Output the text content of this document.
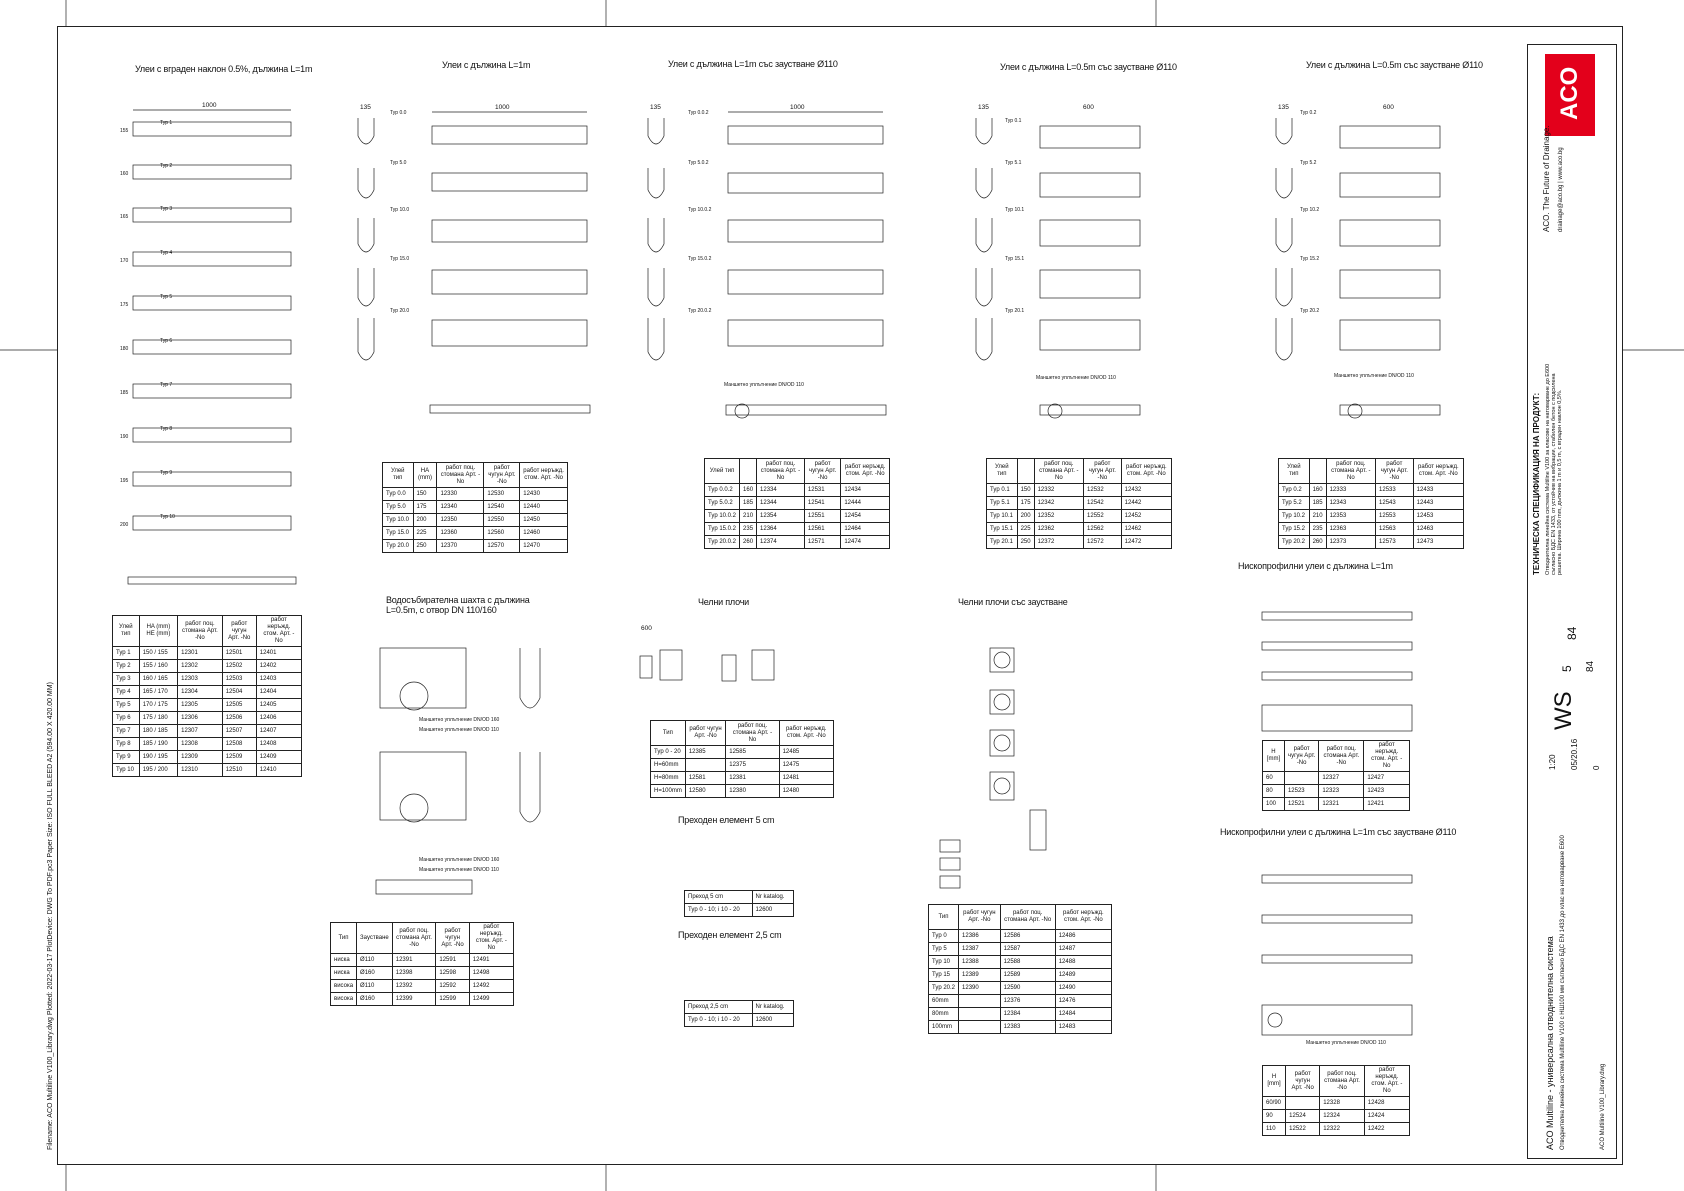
Filename: ACO Multiline V100_Library.dwg Plotted: 2022-03-17 PlotDevice: DWG To PDF.pc3 Paper Size: ISO FULL BLEED A2 (594.00 X 420.00 MM)
Улеи с вграден наклон 0.5%, дължина L=1m	Улеи с дължина L=1m	Улеи с дължина L=1m със заустване Ø110	Улеи с дължина L=0.5m със заустване Ø110	Улеи с дължина L=0.5m със заустване Ø110
Водосъбирателна шахта с дължина L=0.5m, с отвор DN 110/160
Челни плочи	Челни плочи със заустване
Нископрофилни улеи с дължина L=1m
Нископрофилни улеи с дължина L=1m със заустване Ø110
Преходен елемент 5 cm
Преходен елемент 2,5 cm
1000	1000	1000	600	600
135	135	135	135
600
Тур 1
Тур 2
Тур 3
Тур 4
Тур 5
Тур 6
Тур 7
Тур 8
Тур 9
Тур 10
155
160
165
170
175
180
185
190
195
200
Typ 0.0
Typ 5.0
Typ 10.0
Typ 15.0
Typ 20.0
Typ 0.0.2
Typ 5.0.2
Typ 10.0.2
Typ 15.0.2
Typ 20.0.2
Typ 0.1
Typ 5.1
Typ 10.1
Typ 15.1
Typ 20.1
Typ 0.2
Typ 5.2
Typ 10.2
Typ 15.2
Typ 20.2
Маншетно уплътнение DN/OD 110
Маншетно уплътнение DN/OD 110	Маншетно уплътнение DN/OD 110
Маншетно уплътнение DN/OD 160
Маншетно уплътнение DN/OD 110
Маншетно уплътнение DN/OD 160
Маншетно уплътнение DN/OD 110
Маншетно уплътнение DN/OD 110
Улей тип	HA (mm) HE (mm)	работ поц. стомана Арт. -No	работ чугун Арт. -No	работ неръжд. стом. Арт. -No
Тур 1	150 / 155	12301	12501	12401
Тур 2	155 / 160	12302	12502	12402
Тур 3	160 / 165	12303	12503	12403
Тур 4	165 / 170	12304	12504	12404
Тур 5	170 / 175	12305	12505	12405
Тур 6	175 / 180	12306	12506	12406
Тур 7	180 / 185	12307	12507	12407
Тур 8	185 / 190	12308	12508	12408
Тур 9	190 / 195	12309	12509	12409
Тур 10	195 / 200	12310	12510	12410
Улей тип	HA (mm)	работ поц. стомана Арт. -No	работ чугун Арт. -No	работ неръжд. стом. Арт. -No
Typ 0.0	150	12330	12530	12430
Typ 5.0	175	12340	12540	12440
Typ 10.0	200	12350	12550	12450
Typ 15.0	225	12360	12560	12460
Typ 20.0	250	12370	12570	12470
Улей тип		работ поц. стомана Арт. -No	работ чугун Арт. -No	работ неръжд. стом. Арт. -No
Typ 0.0.2	160	12334	12531	12434
Typ 5.0.2	185	12344	12541	12444
Typ 10.0.2	210	12354	12551	12454
Typ 15.0.2	235	12364	12561	12464
Typ 20.0.2	260	12374	12571	12474
Улей тип		работ поц. стомана Арт. -No	работ чугун Арт. -No	работ неръжд. стом. Арт. -No
Typ 0.1	150	12332	12532	12432
Typ 5.1	175	12342	12542	12442
Typ 10.1	200	12352	12552	12452
Typ 15.1	225	12362	12562	12462
Typ 20.1	250	12372	12572	12472
Улей тип		работ поц. стомана Арт. -No	работ чугун Арт. -No	работ неръжд. стом. Арт. -No
Typ 0.2	160	12333	12533	12433
Typ 5.2	185	12343	12543	12443
Typ 10.2	210	12353	12553	12453
Typ 15.2	235	12363	12563	12463
Typ 20.2	260	12373	12573	12473
Тип	Заустване	работ поц. стомана Арт. -No	работ чугун Арт. -No	работ неръжд. стом. Арт. -No
ниска	Ø110	12391	12591	12491
ниска	Ø160	12398	12598	12498
висока	Ø110	12392	12592	12492
висока	Ø160	12399	12599	12499
Тип	работ чугун Арт. -No	работ поц. стомана Арт. -No	работ неръжд. стом. Арт. -No
Typ 0 - 20	12385	12585	12485
H=60mm		12375	12475
H=80mm	12581	12381	12481
H=100mm	12580	12380	12480
Преход 5 cm	Nr katalog.
Typ 0 - 10; i 10 - 20	12600
Преход 2,5 cm	Nr katalog.
Typ 0 - 10; i 10 - 20	12600
Тип	работ чугун Арт. -No	работ поц. стомана Арт. -No	работ неръжд. стом. Арт. -No
Typ 0	12386	12586	12486
Typ 5	12387	12587	12487
Typ 10	12388	12588	12488
Typ 15	12389	12589	12489
Typ 20.2	12390	12590	12490
60mm		12376	12476
80mm		12384	12484
100mm		12383	12483
H [mm]	работ чугун Арт. -No	работ поц. стомана Арт. -No	работ неръжд. стом. Арт. -No
60		12327	12427
80	12523	12323	12423
100	12521	12321	12421
H [mm]	работ чугун Арт. -No	работ поц. стомана Арт. -No	работ неръжд. стом. Арт. -No
60/90		12328	12428
90	12524	12324	12424
110	12522	12322	12422
ACO
ACO. The Future of Drainage. drainage@aco.bg | www.aco.bg
ТЕХНИЧЕСКА СПЕЦИФИКАЦИЯ НА ПРОДУКТ: Отводнителна линейна система Multiline V100 за класове на натоварване до E600 съгласно БДС EN 1433, от устойчив на вибрации, стабилен бетон с подсилена решетка. Ширина 100 mm, дължина 1 m и 0,5 m, с вграден наклон 0,5%.
ACO Multiline - универсална отводнителна система Отводнителна линейна система Multiline V100 с НШ100 мм съгласно БДС EN 1433 до клас на натоварване E600	ACO Multiline V100_Library.dwg
1:20 05/20.16 0
WS
5
84
84
